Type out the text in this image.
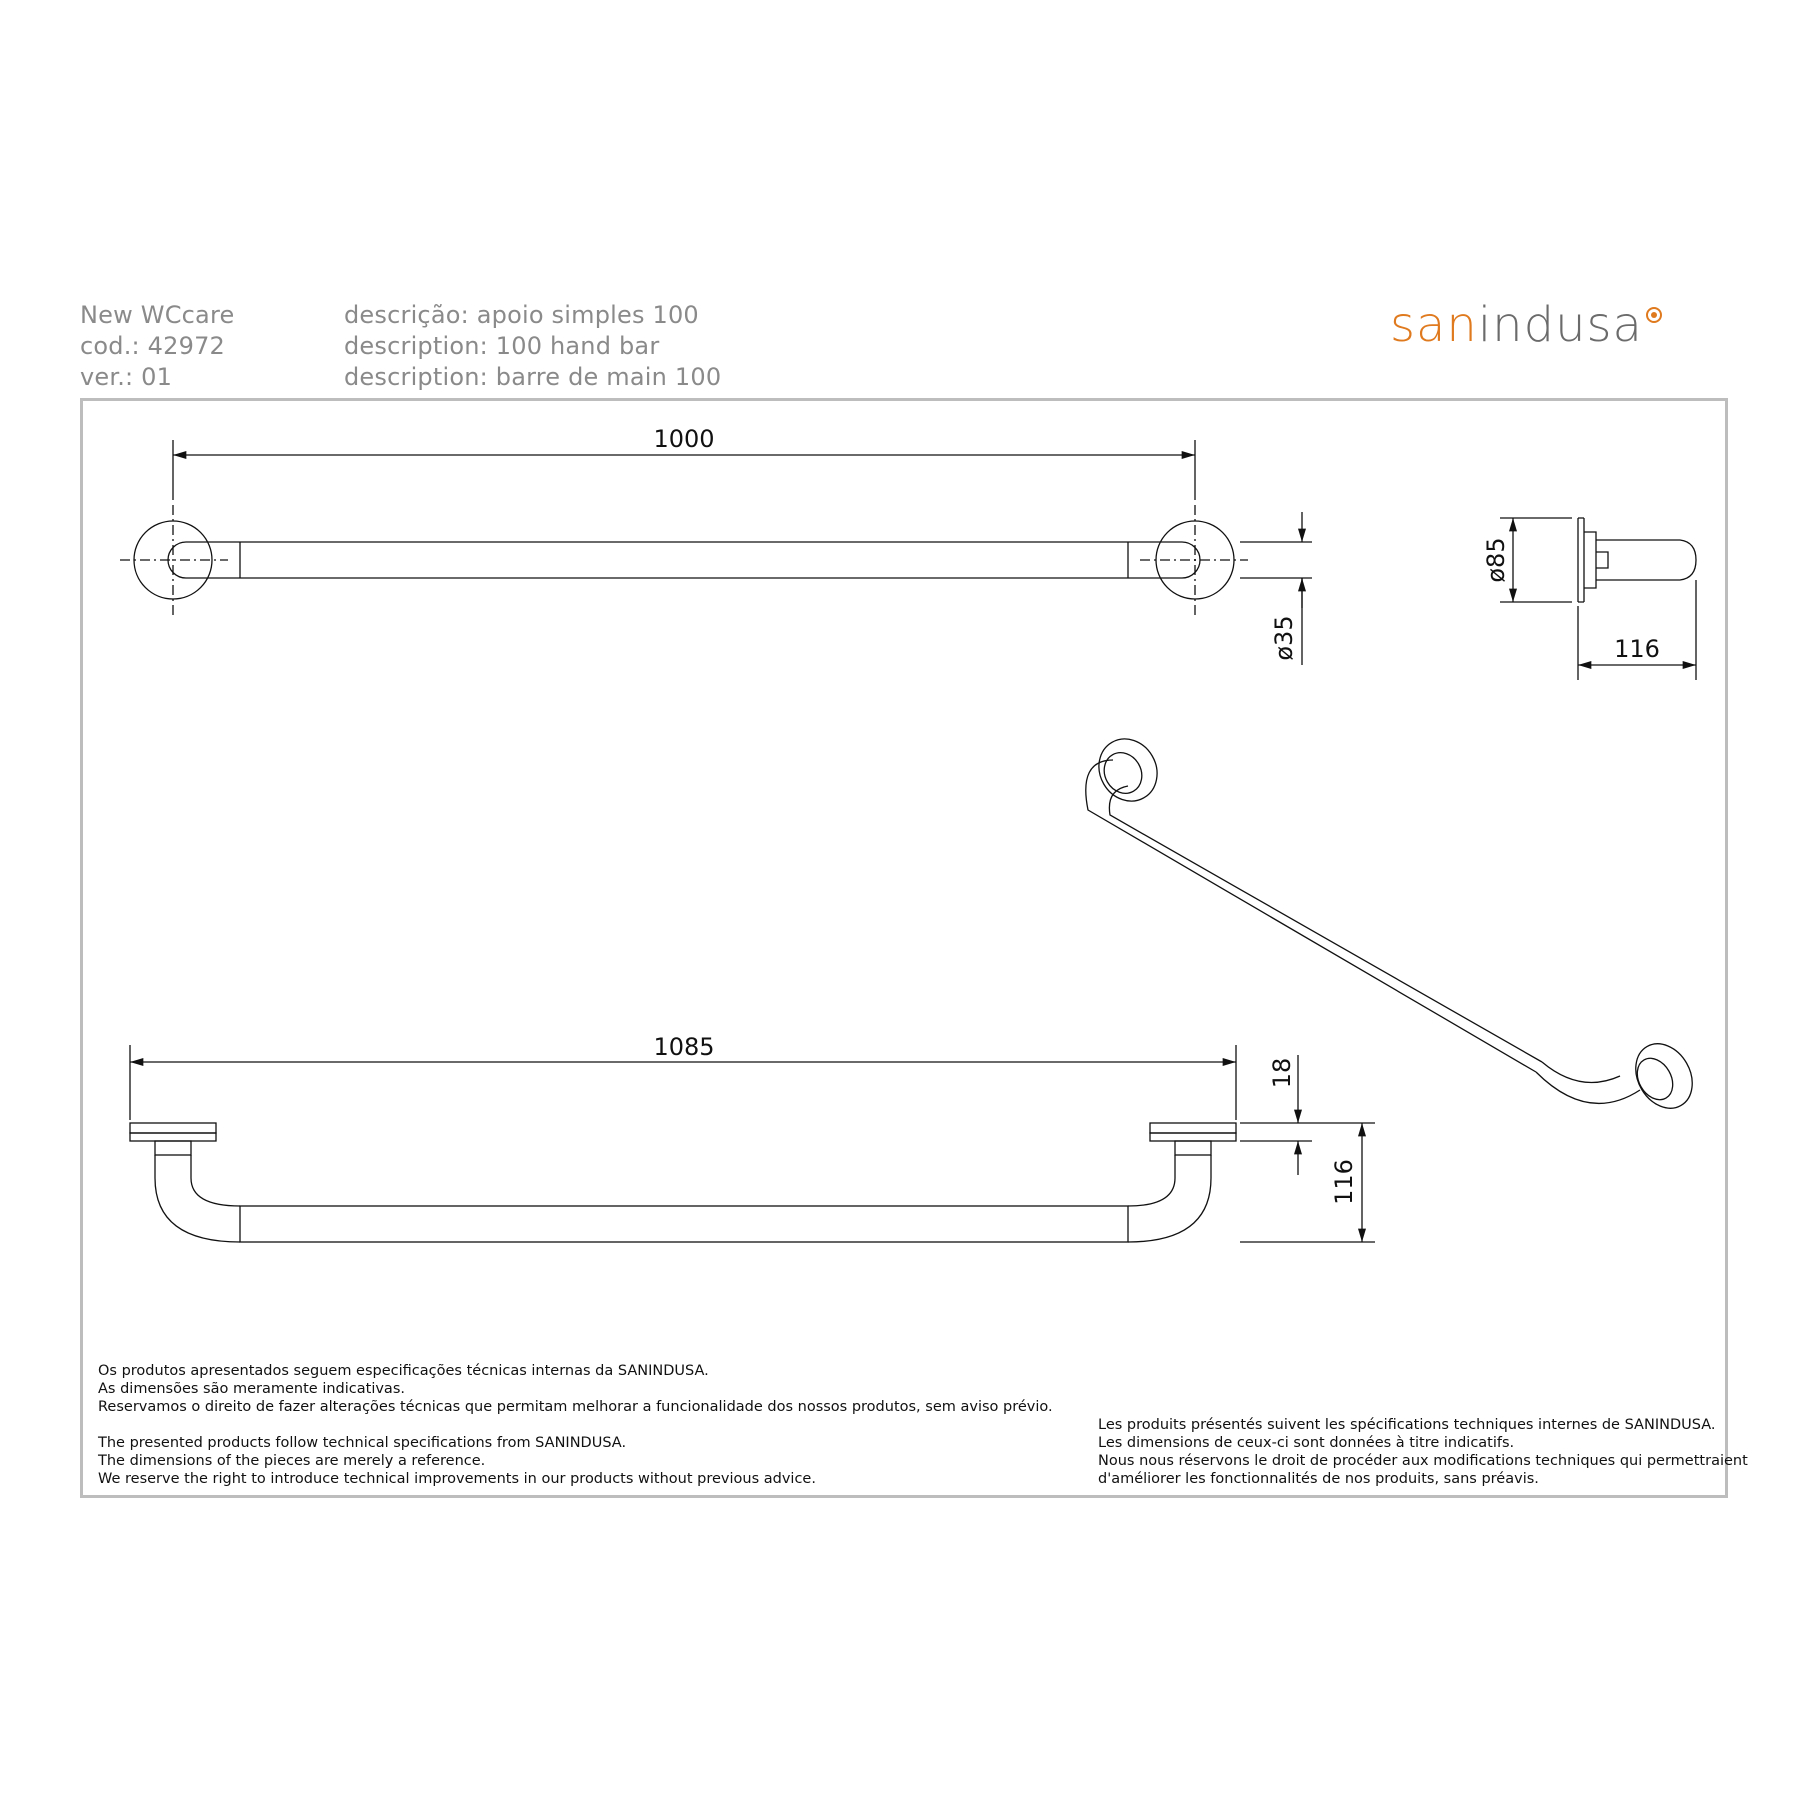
New WCcare
cod.: 42972
ver.: 01
descrição: apoio simples 100
description: 100 hand bar
description: barre de main 100
sanindusa
1000
ø35
ø85
116
1085
18
116
Os produtos apresentados seguem especificações técnicas internas da SANINDUSA.
As dimensões são meramente indicativas.
Reservamos o direito de fazer alterações técnicas que permitam melhorar a funcionalidade dos nossos produtos, sem aviso prévio.
The presented products follow technical specifications from SANINDUSA.
The dimensions of the pieces are merely a reference.
We reserve the right to introduce technical improvements in our products without previous advice.
Les produits présentés suivent les spécifications techniques internes de SANINDUSA.
Les dimensions de ceux-ci sont données à titre indicatifs.
Nous nous réservons le droit de procéder aux modifications techniques qui permettraient
d'améliorer les fonctionnalités de nos produits, sans préavis.
